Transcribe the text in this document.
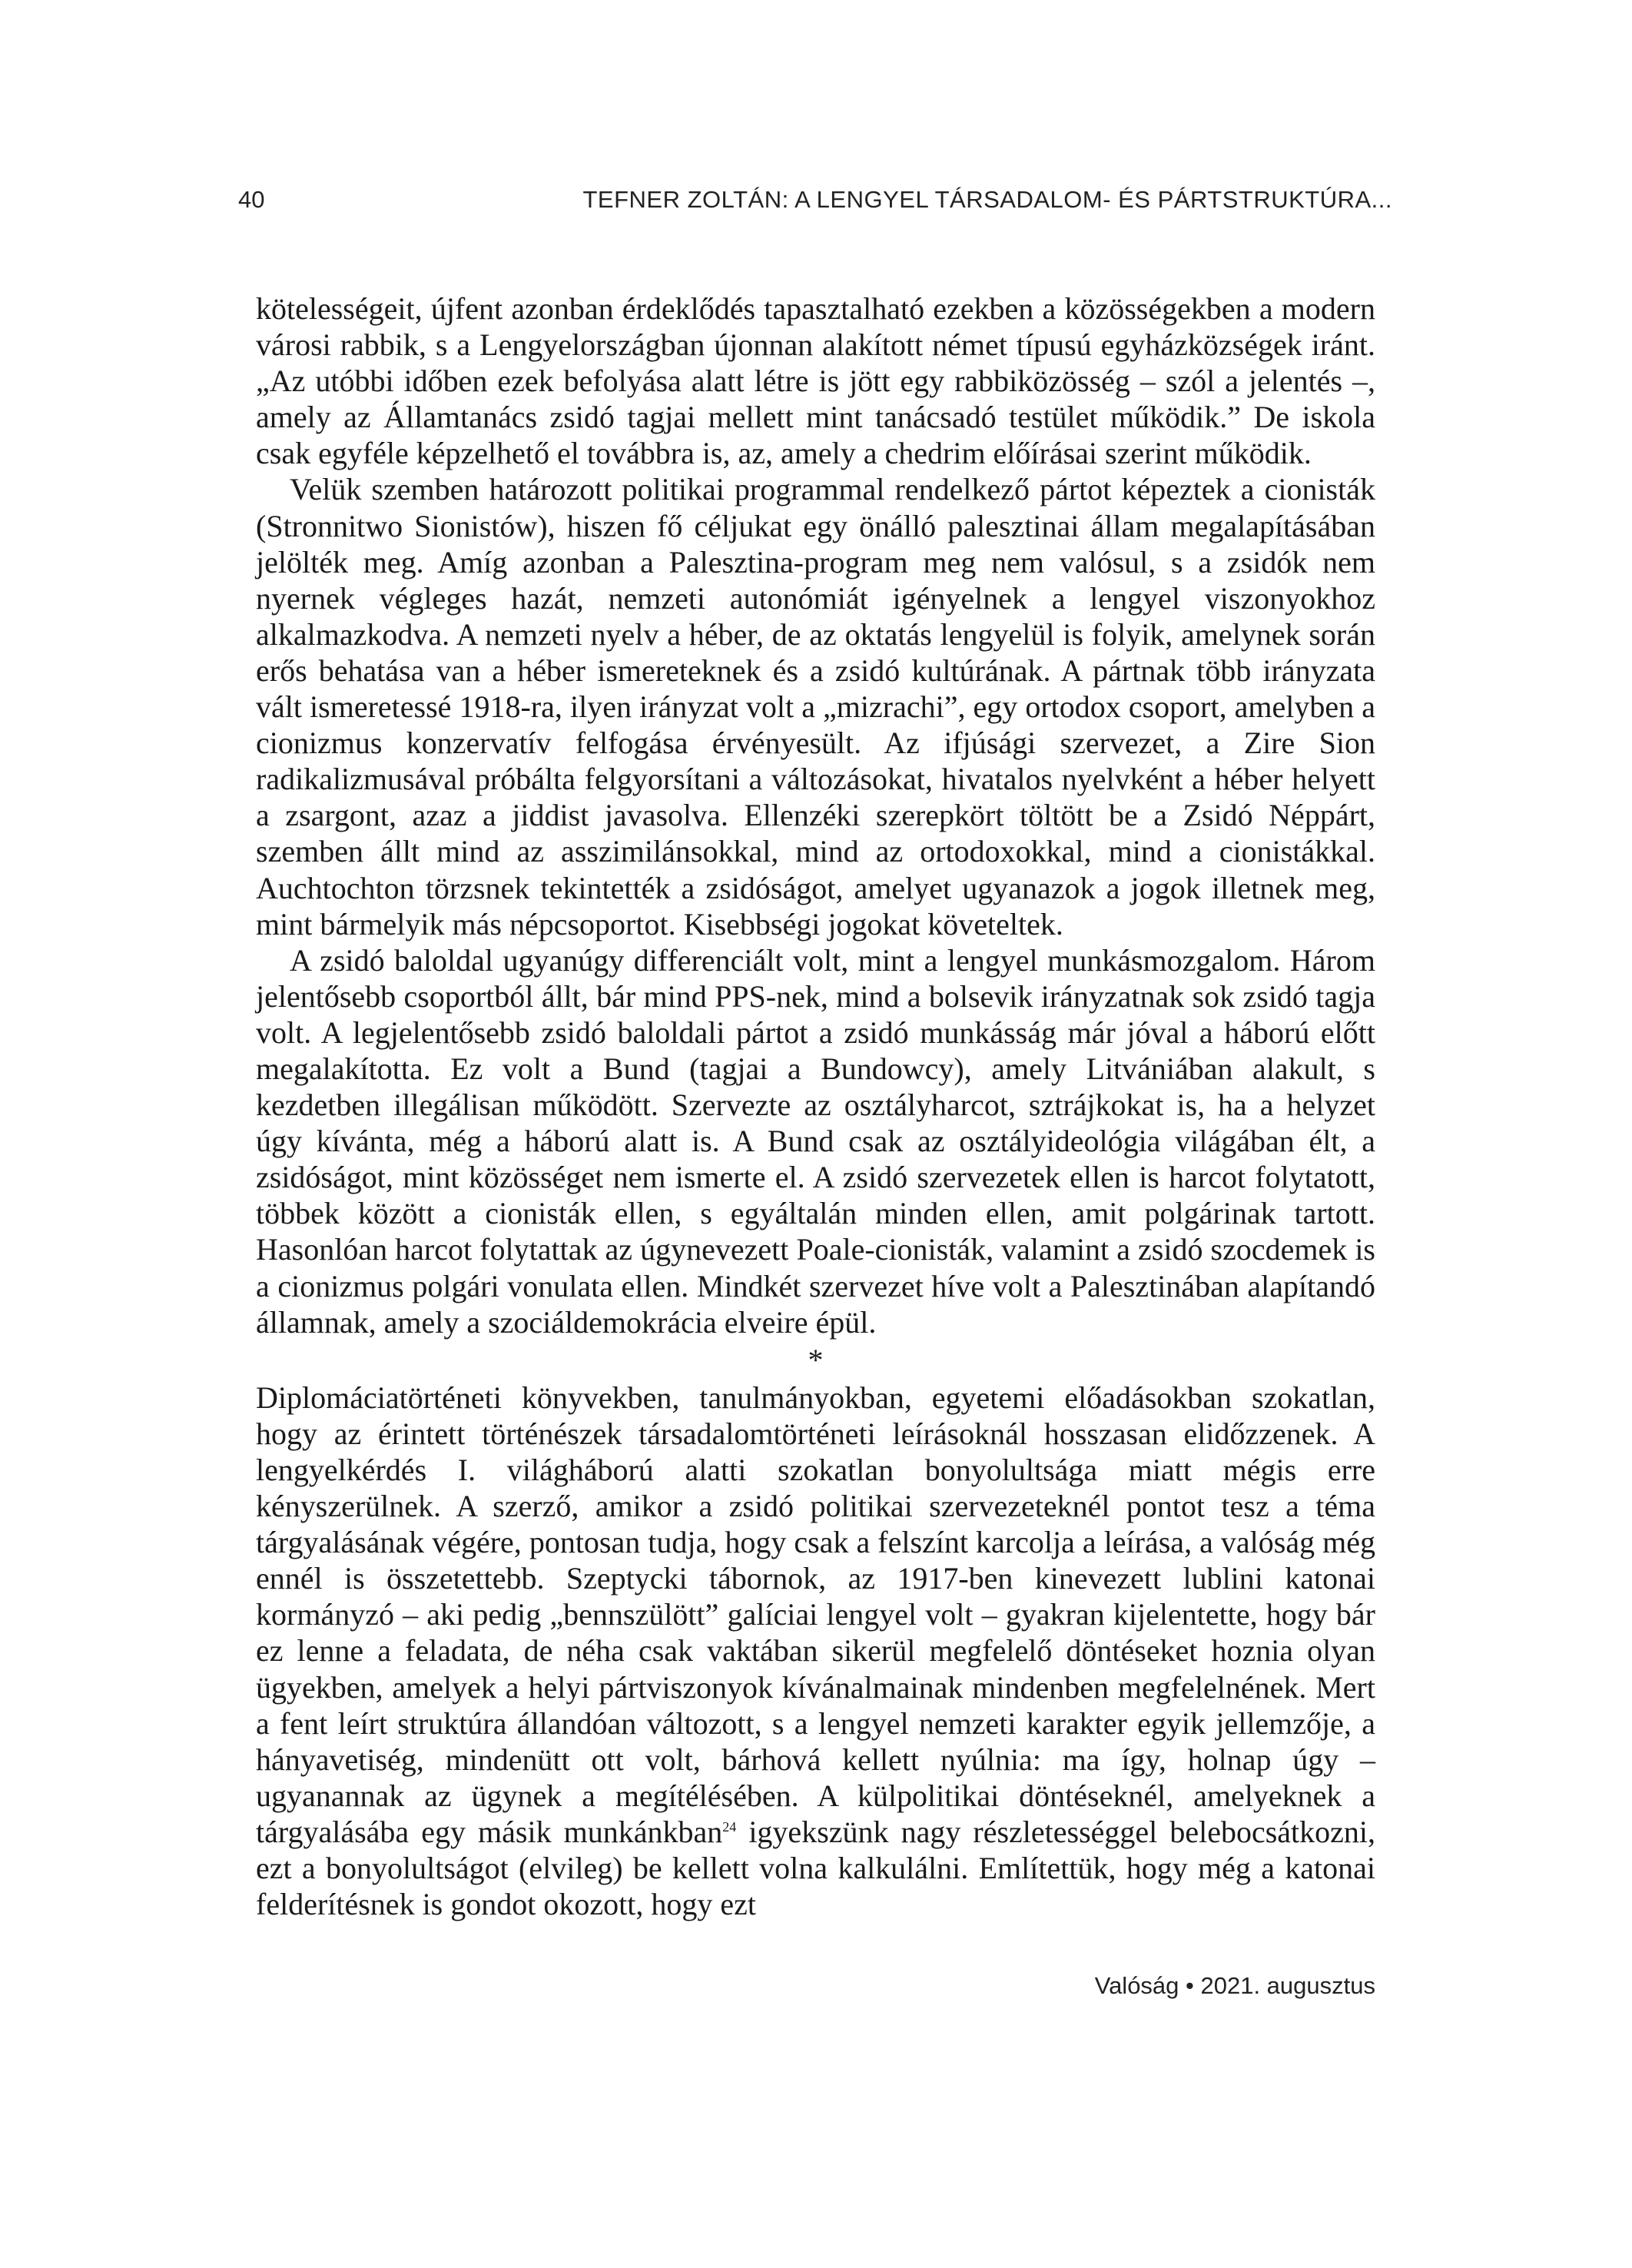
40	TEFNER ZOLTÁN: A LENGYEL TÁRSADALOM- ÉS PÁRTSTRUKTÚRA...

kötelességeit, újfent azonban érdeklődés tapasztalható ezekben a közösségekben a modern városi rabbik, s a Lengyelországban újonnan alakított német típusú egyházközségek iránt. „Az utóbbi időben ezek befolyása alatt létre is jött egy rabbiközösség – szól a jelentés –, amely az Államtanács zsidó tagjai mellett mint tanácsadó testület működik.” De iskola csak egyféle képzelhető el továbbra is, az, amely a chedrim előírásai szerint működik.

Velük szemben határozott politikai programmal rendelkező pártot képeztek a cionisták (Stronnitwo Sionistów), hiszen fő céljukat egy önálló palesztinai állam megalapításában jelölték meg. Amíg azonban a Palesztina-program meg nem valósul, s a zsidók nem nyernek végleges hazát, nemzeti autonómiát igényelnek a lengyel viszonyokhoz alkalmazkodva. A nemzeti nyelv a héber, de az oktatás lengyelül is folyik, amelynek során erős behatása van a héber ismereteknek és a zsidó kultúrának. A pártnak több irányzata vált ismeretessé 1918-ra, ilyen irányzat volt a „mizrachi”, egy ortodox csoport, amelyben a cionizmus konzervatív felfogása érvényesült. Az ifjúsági szervezet, a Zire Sion radikalizmusával próbálta felgyorsítani a változásokat, hivatalos nyelvként a héber helyett a zsargont, azaz a jiddist javasolva. Ellenzéki szerepkört töltött be a Zsidó Néppárt, szemben állt mind az asszimilánsokkal, mind az ortodoxokkal, mind a cionistákkal. Auchtochton törzsnek tekintették a zsidóságot, amelyet ugyanazok a jogok illetnek meg, mint bármelyik más népcsoportot. Kisebbségi jogokat követeltek.

A zsidó baloldal ugyanúgy differenciált volt, mint a lengyel munkásmozgalom. Három jelentősebb csoportból állt, bár mind PPS-nek, mind a bolsevik irányzatnak sok zsidó tagja volt. A legjelentősebb zsidó baloldali pártot a zsidó munkásság már jóval a háború előtt megalakította. Ez volt a Bund (tagjai a Bundowcy), amely Litvániában alakult, s kezdetben illegálisan működött. Szervezte az osztályharcot, sztrájkokat is, ha a helyzet úgy kívánta, még a háború alatt is. A Bund csak az osztályideológia világában élt, a zsidóságot, mint közösséget nem ismerte el. A zsidó szervezetek ellen is harcot folytatott, többek között a cionisták ellen, s egyáltalán minden ellen, amit polgárinak tartott. Hasonlóan harcot folytattak az úgynevezett Poale-cionisták, valamint a zsidó szocdemek is a cionizmus polgári vonulata ellen. Mindkét szervezet híve volt a Palesztinában alapítandó államnak, amely a szociáldemokrácia elveire épül.

*

Diplomáciatörténeti könyvekben, tanulmányokban, egyetemi előadásokban szokatlan, hogy az érintett történészek társadalomtörténeti leírásoknál hosszasan elidőzzenek. A lengyelkérdés I. világháború alatti szokatlan bonyolultsága miatt mégis erre kényszerülnek. A szerző, amikor a zsidó politikai szervezeteknél pontot tesz a téma tárgyalásának végére, pontosan tudja, hogy csak a felszínt karcolja a leírása, a valóság még ennél is összetettebb. Szeptycki tábornok, az 1917-ben kinevezett lublini katonai kormányzó – aki pedig „bennszülött” galíciai lengyel volt – gyakran kijelentette, hogy bár ez lenne a feladata, de néha csak vaktában sikerül megfelelő döntéseket hoznia olyan ügyekben, amelyek a helyi pártviszonyok kívánalmainak mindenben megfelelnének. Mert a fent leírt struktúra állandóan változott, s a lengyel nemzeti karakter egyik jellemzője, a hányavetiség, mindenütt ott volt, bárhová kellett nyúlnia: ma így, holnap úgy – ugyanannak az ügynek a megítélésében. A külpolitikai döntéseknél, amelyeknek a tárgyalásába egy másik munkánkban$^{24}$ igyekszünk nagy részletességgel belebocsátkozni, ezt a bonyolultságot (elvileg) be kellett volna kalkulálni. Említettük, hogy még a katonai felderítésnek is gondot okozott, hogy ezt

Valóság • 2021. augusztus
